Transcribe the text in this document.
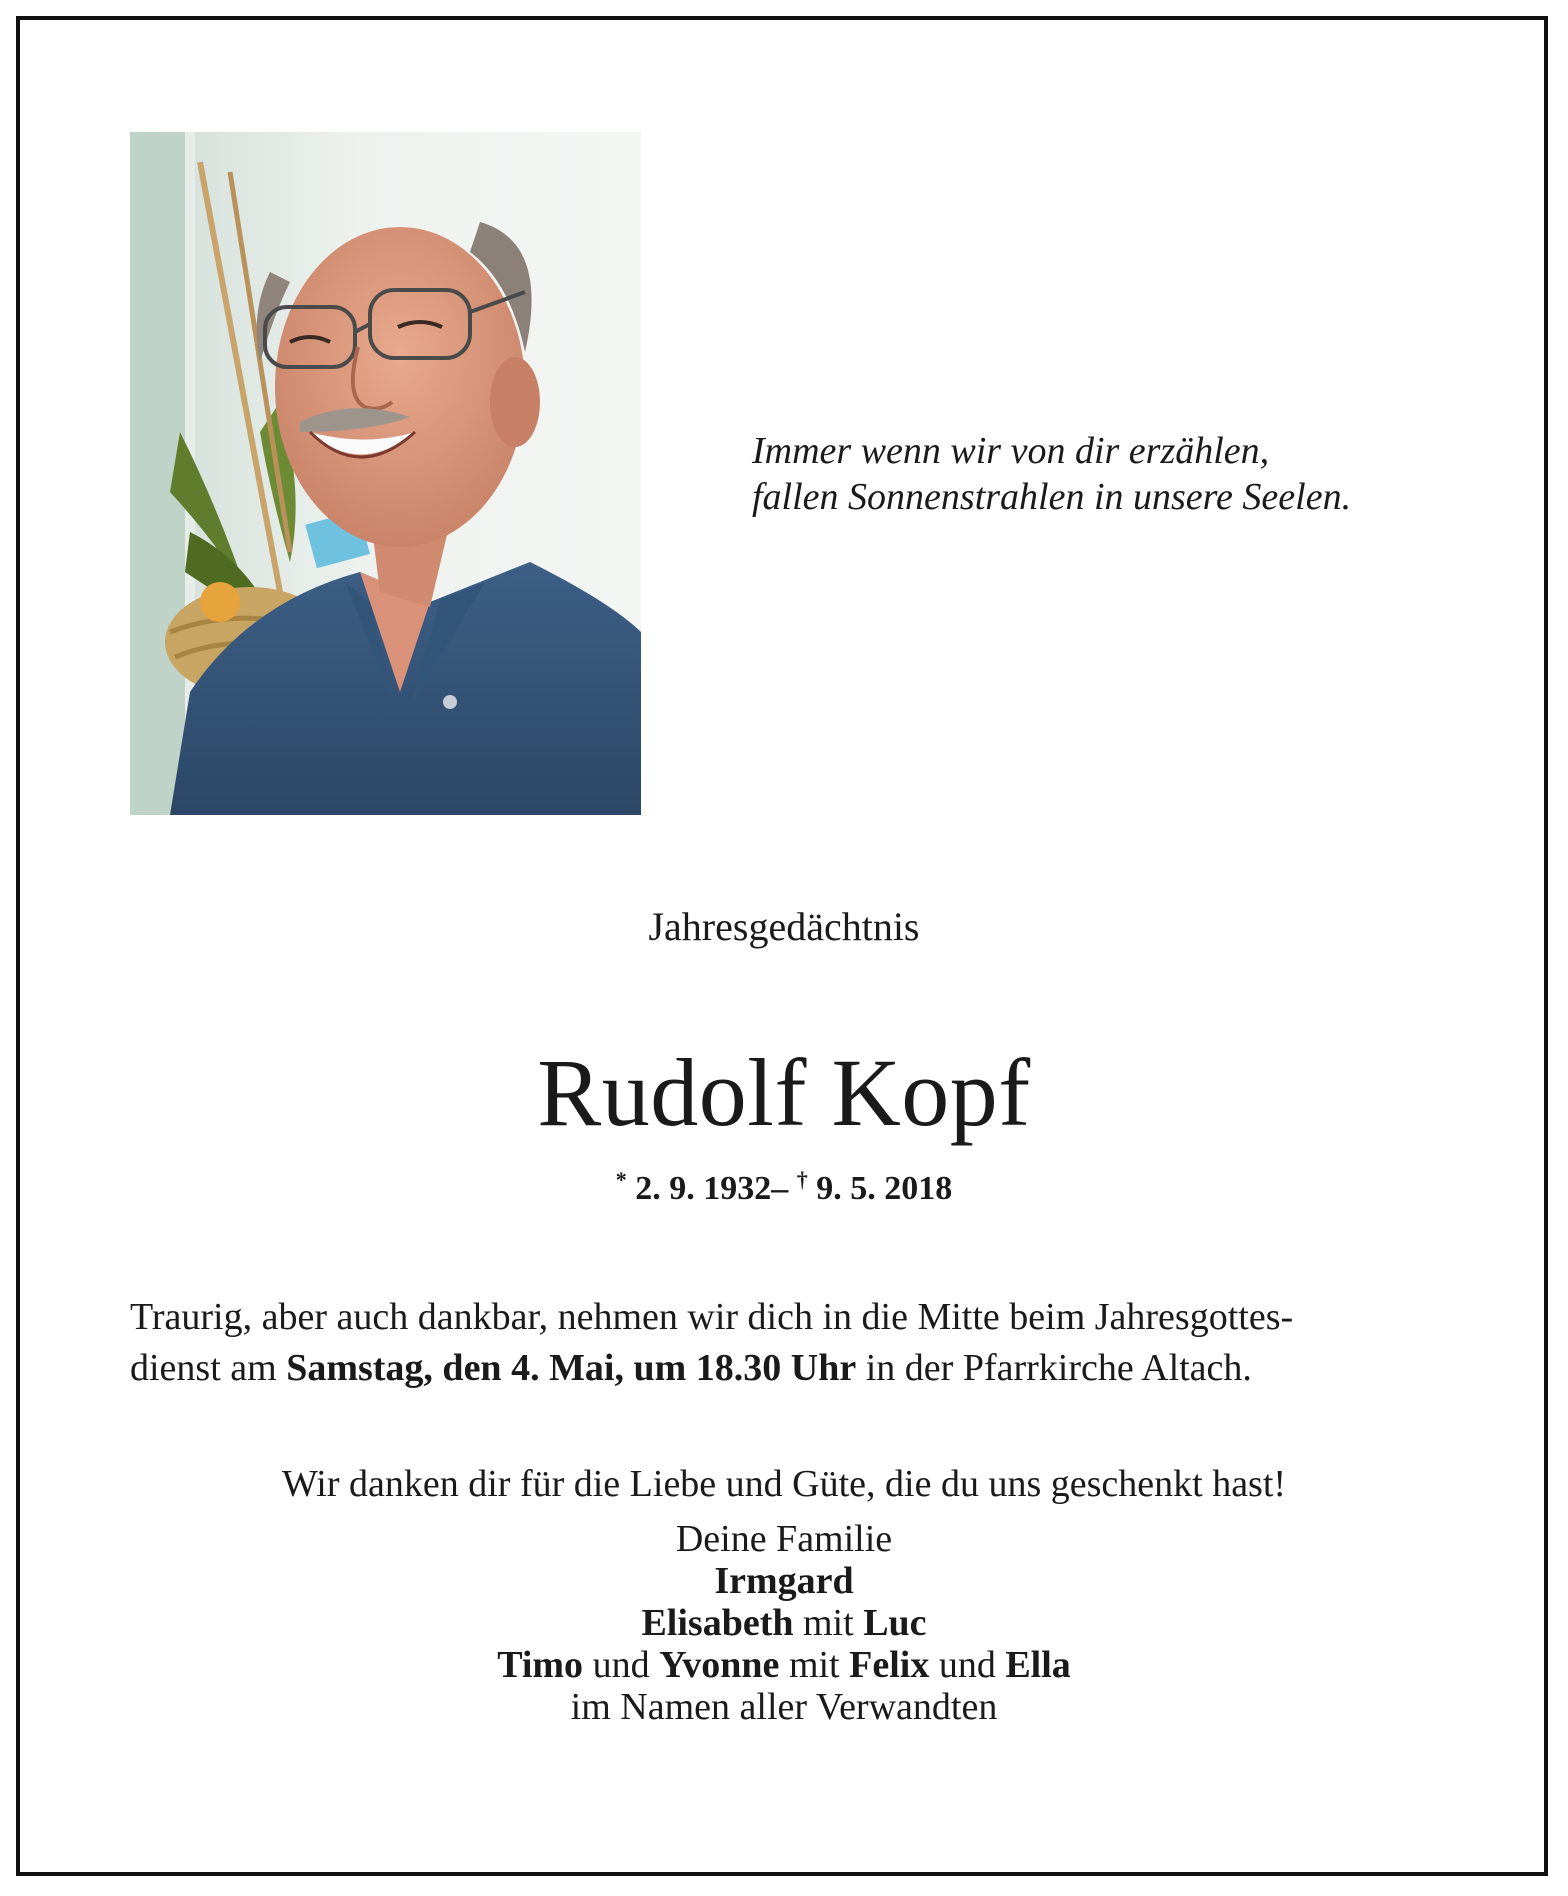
Immer wenn wir von dir erzählen,
fallen Sonnenstrahlen in unsere Seelen.
Jahresgedächtnis
Rudolf Kopf
* 2. 9. 1932– † 9. 5. 2018
Traurig, aber auch dankbar, nehmen wir dich in die Mitte beim Jahresgottes-
dienst am Samstag, den 4. Mai, um 18.30 Uhr in der Pfarrkirche Altach.
Wir danken dir für die Liebe und Güte, die du uns geschenkt hast!
Deine Familie
Irmgard
Elisabeth mit Luc
Timo und Yvonne mit Felix und Ella
im Namen aller Verwandten
